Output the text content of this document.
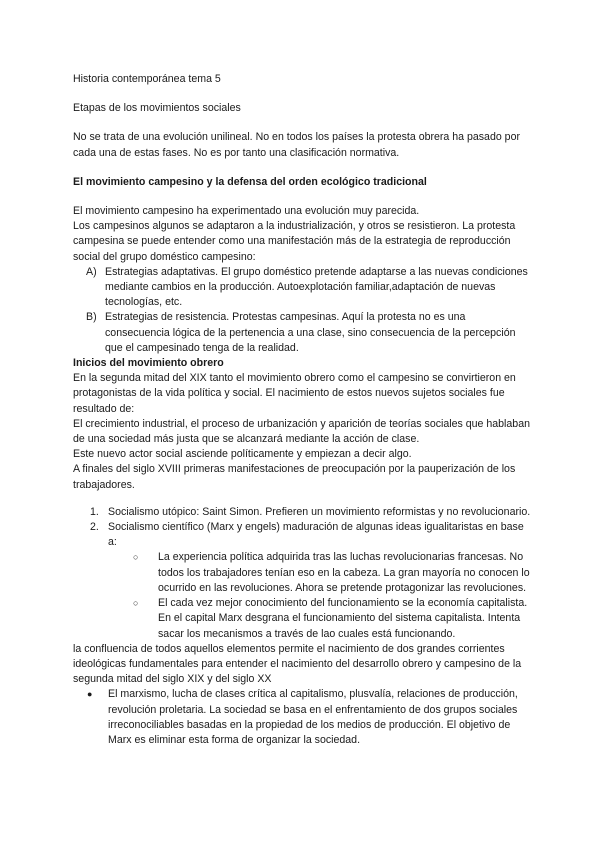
Historia contemporánea tema 5

Etapas de los movimientos sociales

No se trata de una evolución unilineal. No en todos los países la protesta obrera ha pasado por cada una de estas fases. No es por tanto una clasificación normativa.

El movimiento campesino y la defensa del orden ecológico tradicional

El movimiento campesino ha experimentado una evolución muy parecida.

Los campesinos algunos se adaptaron a la industrialización, y otros se resistieron. La protesta campesina se puede entender como una manifestación más de la estrategia de reproducción social del grupo doméstico campesino:

A) Estrategias adaptativas. El grupo doméstico pretende adaptarse a las nuevas condiciones mediante cambios en la producción. Autoexplotación familiar,adaptación de nuevas tecnologías, etc.
B) Estrategias de resistencia. Protestas campesinas. Aquí la protesta no es una consecuencia lógica de la pertenencia a una clase, sino consecuencia de la percepción que el campesinado tenga de la realidad.

Inicios del movimiento obrero

En la segunda mitad del XIX tanto el movimiento obrero como el campesino se convirtieron en protagonistas de la vida política y social. El nacimiento de estos nuevos sujetos sociales fue resultado de:

El crecimiento industrial, el proceso de urbanización y aparición de teorías sociales que hablaban de una sociedad más justa que se alcanzará mediante la acción de clase.

Este nuevo actor social asciende políticamente y empiezan a decir algo.

A finales del siglo XVIII primeras manifestaciones de preocupación por la pauperización de los trabajadores.

1. Socialismo utópico: Saint Simon. Prefieren un movimiento reformistas y no revolucionario.
2. Socialismo científico (Marx y engels) maduración de algunas ideas igualitaristas en base a:
○ La experiencia política adquirida tras las luchas revolucionarias francesas. No todos los trabajadores tenían eso en la cabeza. La gran mayoría no conocen lo ocurrido en las revoluciones. Ahora se pretende protagonizar las revoluciones.
○ El cada vez mejor conocimiento del funcionamiento se la economía capitalista. En el capital Marx desgrana el funcionamiento del sistema capitalista. Intenta sacar los mecanismos a través de lao cuales está funcionando.

la confluencia de todos aquellos elementos permite el nacimiento de dos grandes corrientes ideológicas fundamentales para entender el nacimiento del desarrollo obrero y campesino de la segunda mitad del siglo XIX y del siglo XX

● El marxismo, lucha de clases crítica al capitalismo, plusvalía, relaciones de producción, revolución proletaria. La sociedad se basa en el enfrentamiento de dos grupos sociales irreconociliables basadas en la propiedad de los medios de producción. El objetivo de Marx es eliminar esta forma de organizar la sociedad.
